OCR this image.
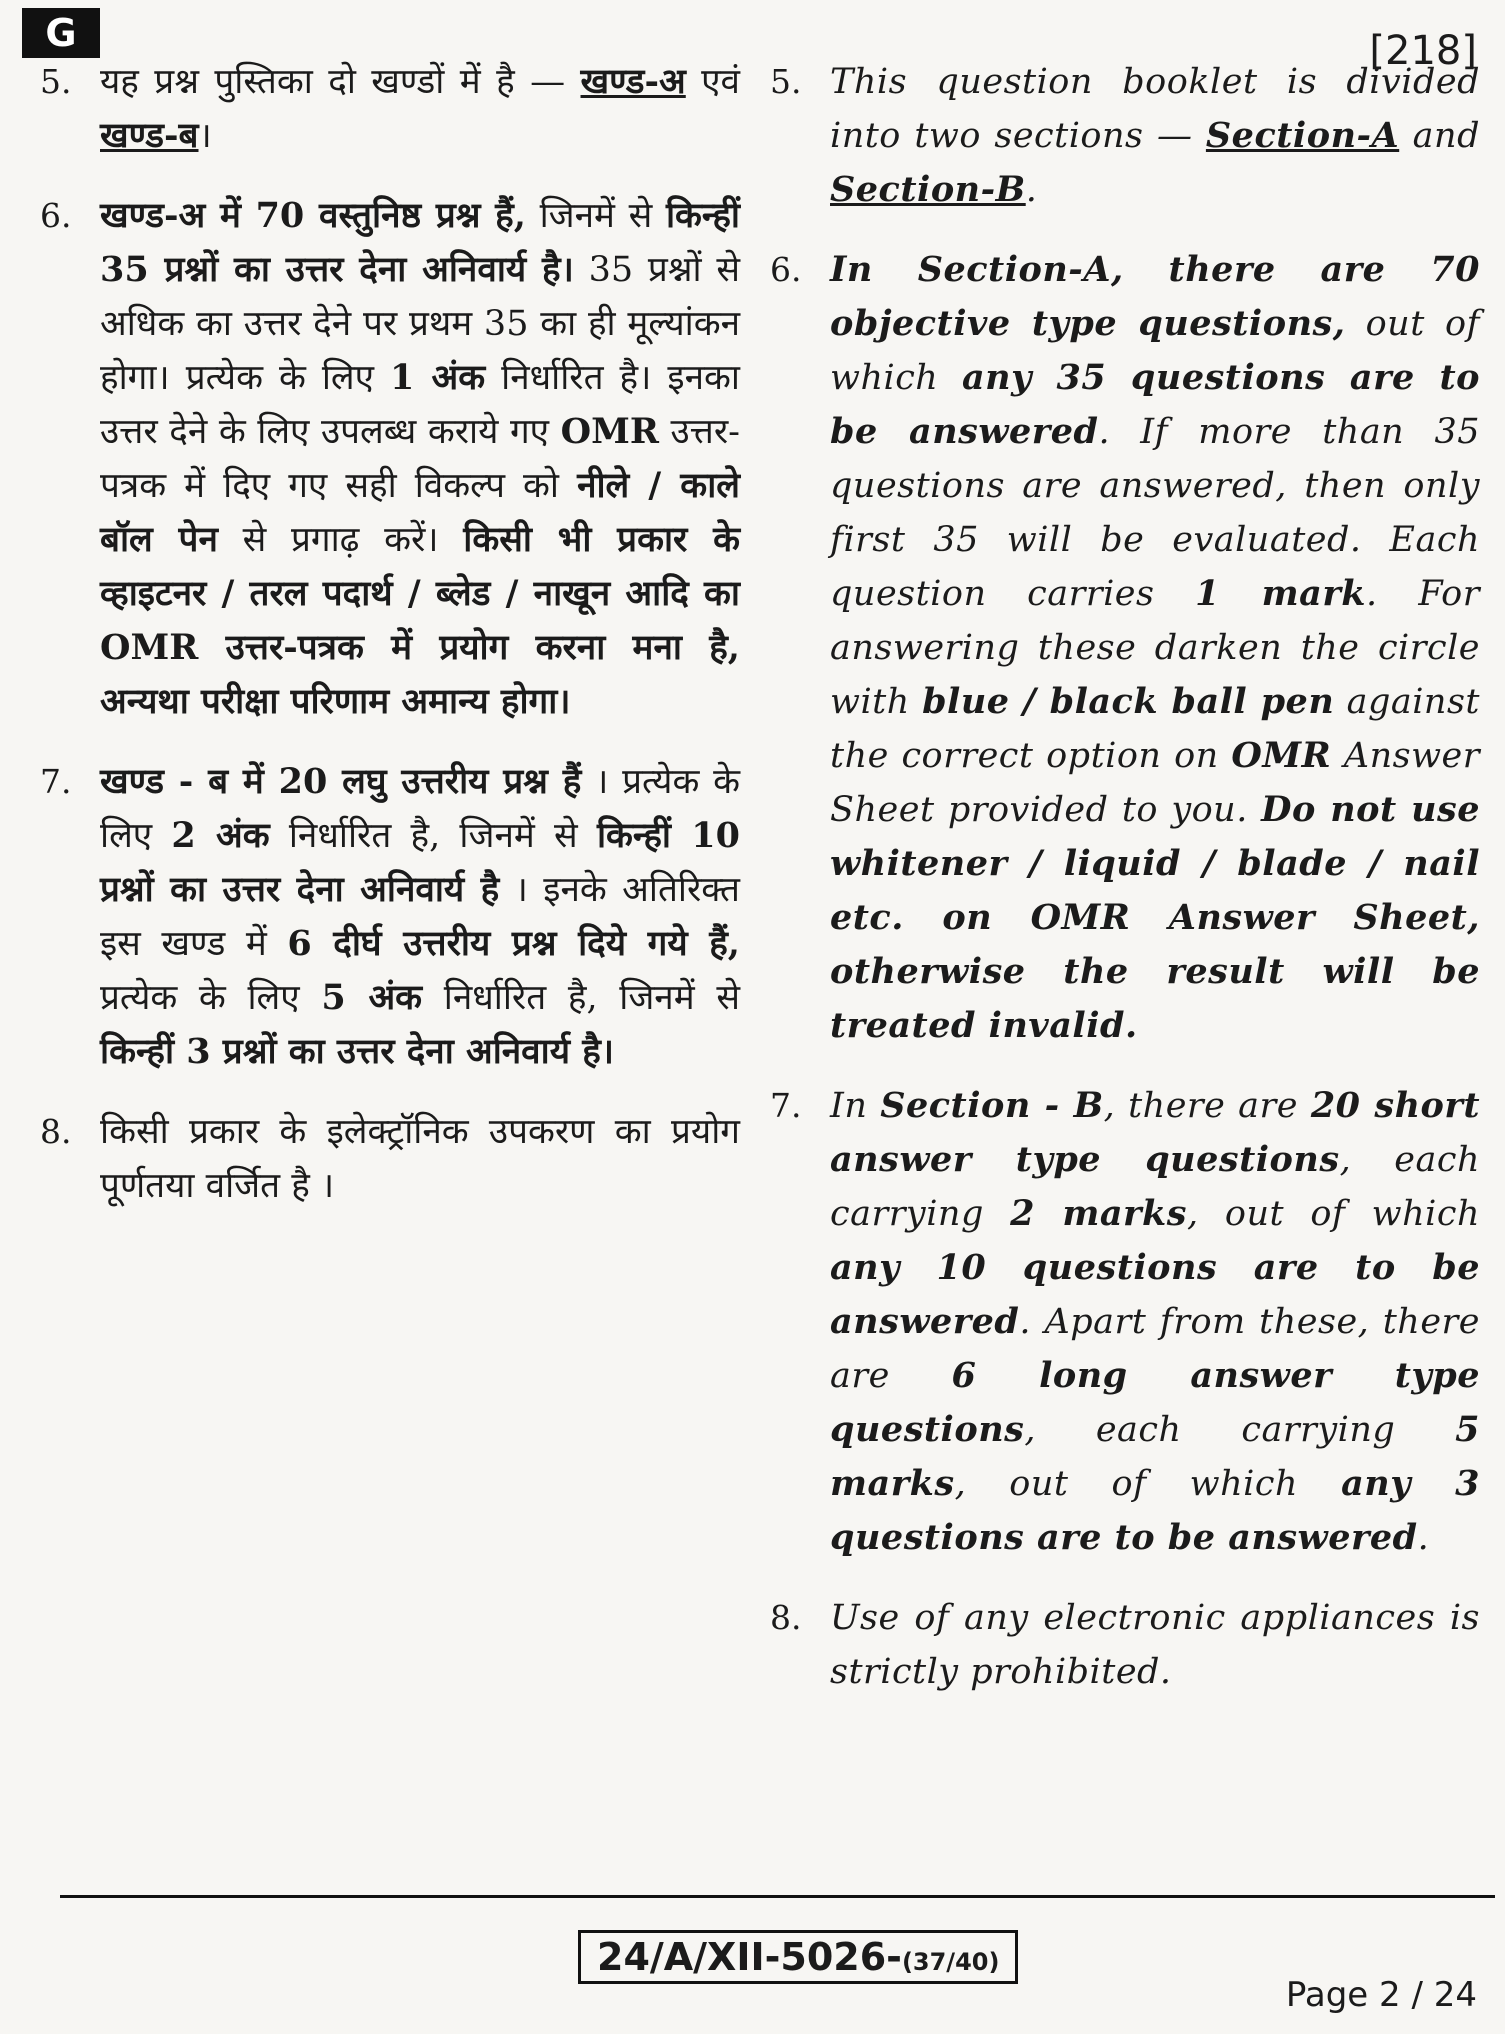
G	[218]
5. यह प्रश्न पुस्तिका दो खण्डों में है — खण्ड-अ एवं खण्ड-ब।
6. खण्ड-अ में 70 वस्तुनिष्ठ प्रश्न हैं, जिनमें से किन्हीं 35 प्रश्नों का उत्तर देना अनिवार्य है। 35 प्रश्नों से अधिक का उत्तर देने पर प्रथम 35 का ही मूल्यांकन होगा। प्रत्येक के लिए 1 अंक निर्धारित है। इनका उत्तर देने के लिए उपलब्ध कराये गए OMR उत्तर-पत्रक में दिए गए सही विकल्प को नीले / काले बॉल पेन से प्रगाढ़ करें। किसी भी प्रकार के व्हाइटनर / तरल पदार्थ / ब्लेड / नाखून आदि का OMR उत्तर-पत्रक में प्रयोग करना मना है, अन्यथा परीक्षा परिणाम अमान्य होगा।
7. खण्ड - ब में 20 लघु उत्तरीय प्रश्न हैं । प्रत्येक के लिए 2 अंक निर्धारित है, जिनमें से किन्हीं 10 प्रश्नों का उत्तर देना अनिवार्य है । इनके अतिरिक्त इस खण्ड में 6 दीर्घ उत्तरीय प्रश्न दिये गये हैं, प्रत्येक के लिए 5 अंक निर्धारित है, जिनमें से किन्हीं 3 प्रश्नों का उत्तर देना अनिवार्य है।
8. किसी प्रकार के इलेक्ट्रॉनिक उपकरण का प्रयोग पूर्णतया वर्जित है ।
5. This question booklet is divided into two sections — Section-A and Section-B.
6. In Section-A, there are 70 objective type questions, out of which any 35 questions are to be answered. If more than 35 questions are answered, then only first 35 will be evaluated. Each question carries 1 mark. For answering these darken the circle with blue / black ball pen against the correct option on OMR Answer Sheet provided to you. Do not use whitener / liquid / blade / nail etc. on OMR Answer Sheet, otherwise the result will be treated invalid.
7. In Section - B, there are 20 short answer type questions, each carrying 2 marks, out of which any 10 questions are to be answered. Apart from these, there are 6 long answer type questions, each carrying 5 marks, out of which any 3 questions are to be answered.
8. Use of any electronic appliances is strictly prohibited.
24/A/XII-5026-(37/40)
Page 2 / 24
